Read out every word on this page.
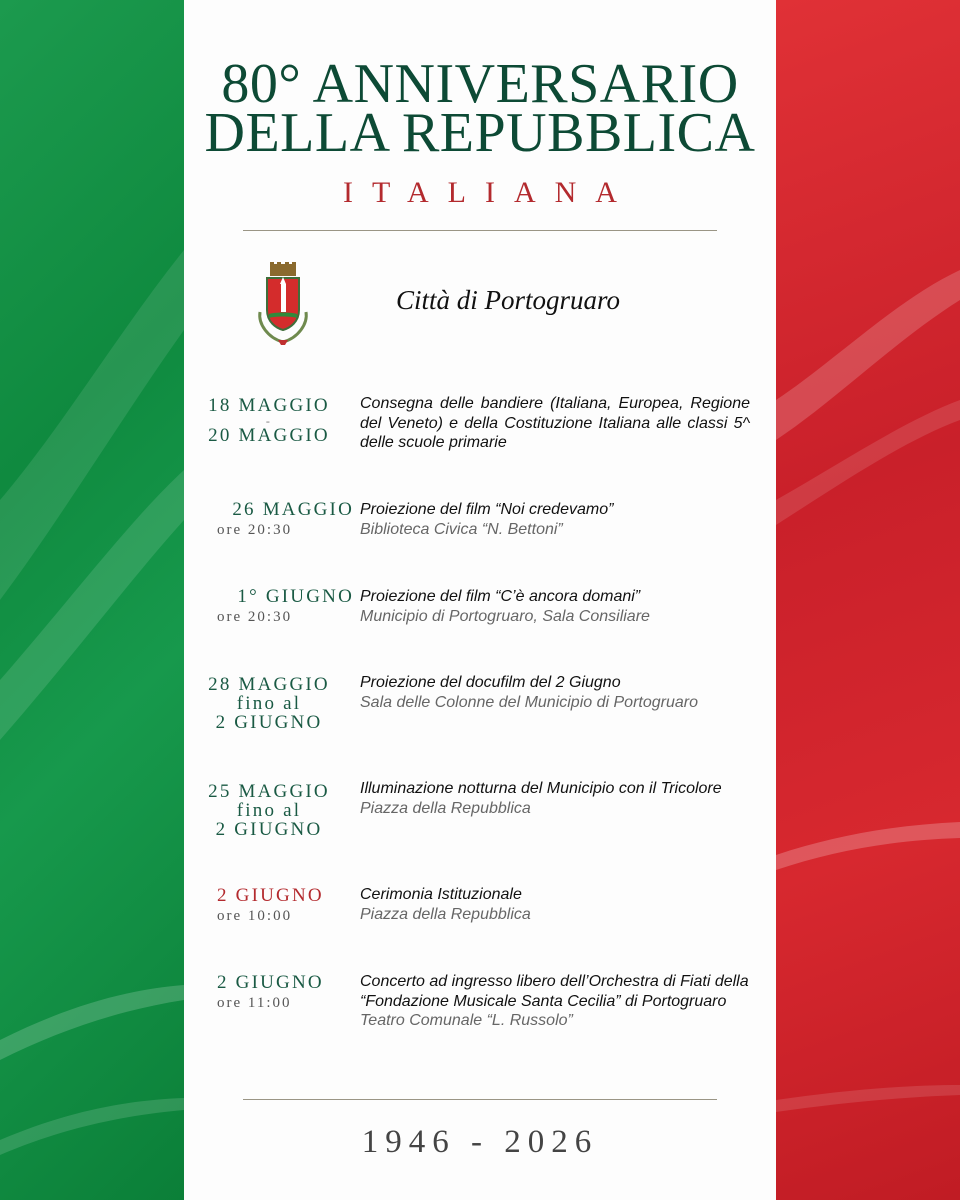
80° ANNIVERSARIO
DELLA REPUBBLICA
ITALIANA
Città di Portogruaro
18 MAGGIO
-
20 MAGGIO
Consegna delle bandiere (Italiana, Europea, Regione del Veneto) e della Costituzione Italiana alle classi 5^ delle scuole primarie
26 MAGGIO
ore 20:30
Proiezione del film “Noi credevamo”
Biblioteca Civica “N. Bettoni”
1° GIUGNO
ore 20:30
Proiezione del film “C’è ancora domani”
Municipio di Portogruaro, Sala Consiliare
28 MAGGIO
fino al
2 GIUGNO
Proiezione del docufilm del 2 Giugno
Sala delle Colonne del Municipio di Portogruaro
25 MAGGIO
fino al
2 GIUGNO
Illuminazione notturna del Municipio con il Tricolore
Piazza della Repubblica
2 GIUGNO
ore 10:00
Cerimonia Istituzionale
Piazza della Repubblica
2 GIUGNO
ore 11:00
Concerto ad ingresso libero dell’Orchestra di Fiati della “Fondazione Musicale Santa Cecilia” di Portogruaro
Teatro Comunale “L. Russolo”
1946 - 2026
